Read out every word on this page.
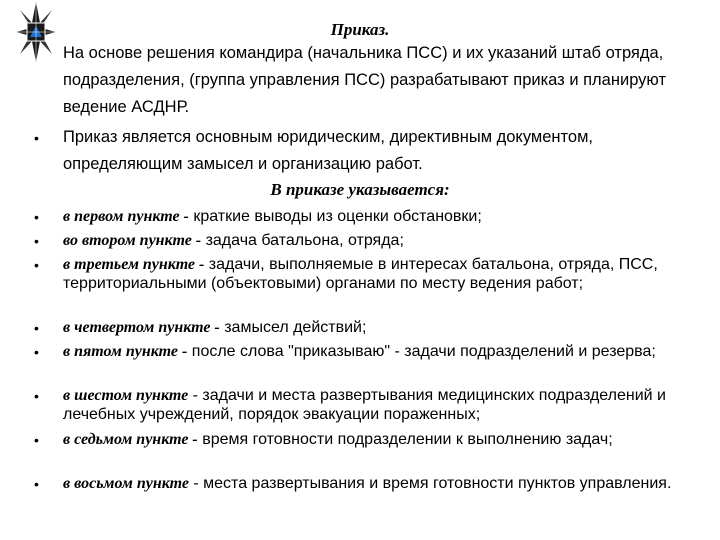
Приказ.
На основе решения командира (начальника ПСС) и их указаний штаб отряда, подразделения, (группа управления ПСС) разрабатывают приказ и планируют ведение АСДНР.
• Приказ является основным юридическим, директивным документом, определяющим замысел и организацию работ.
В приказе указывается:
• в первом пункте - краткие выводы из оценки обстановки;
• во втором пункте - задача батальона, отряда;
• в третьем пункте - задачи, выполняемые в интересах батальона, отряда, ПСС, территориальными (объектовыми) органами по месту ведения работ;
• в четвертом пункте - замысел действий;
• в пятом пункте - после слова "приказываю" - задачи подразделений и резерва;
• в шестом пункте - задачи и места развертывания медицинских подразделений и лечебных учреждений, порядок эвакуации пораженных;
• в седьмом пункте - время готовности подразделении к выполнению задач;
• в восьмом пункте - места развертывания и время готовности пунктов управления.
